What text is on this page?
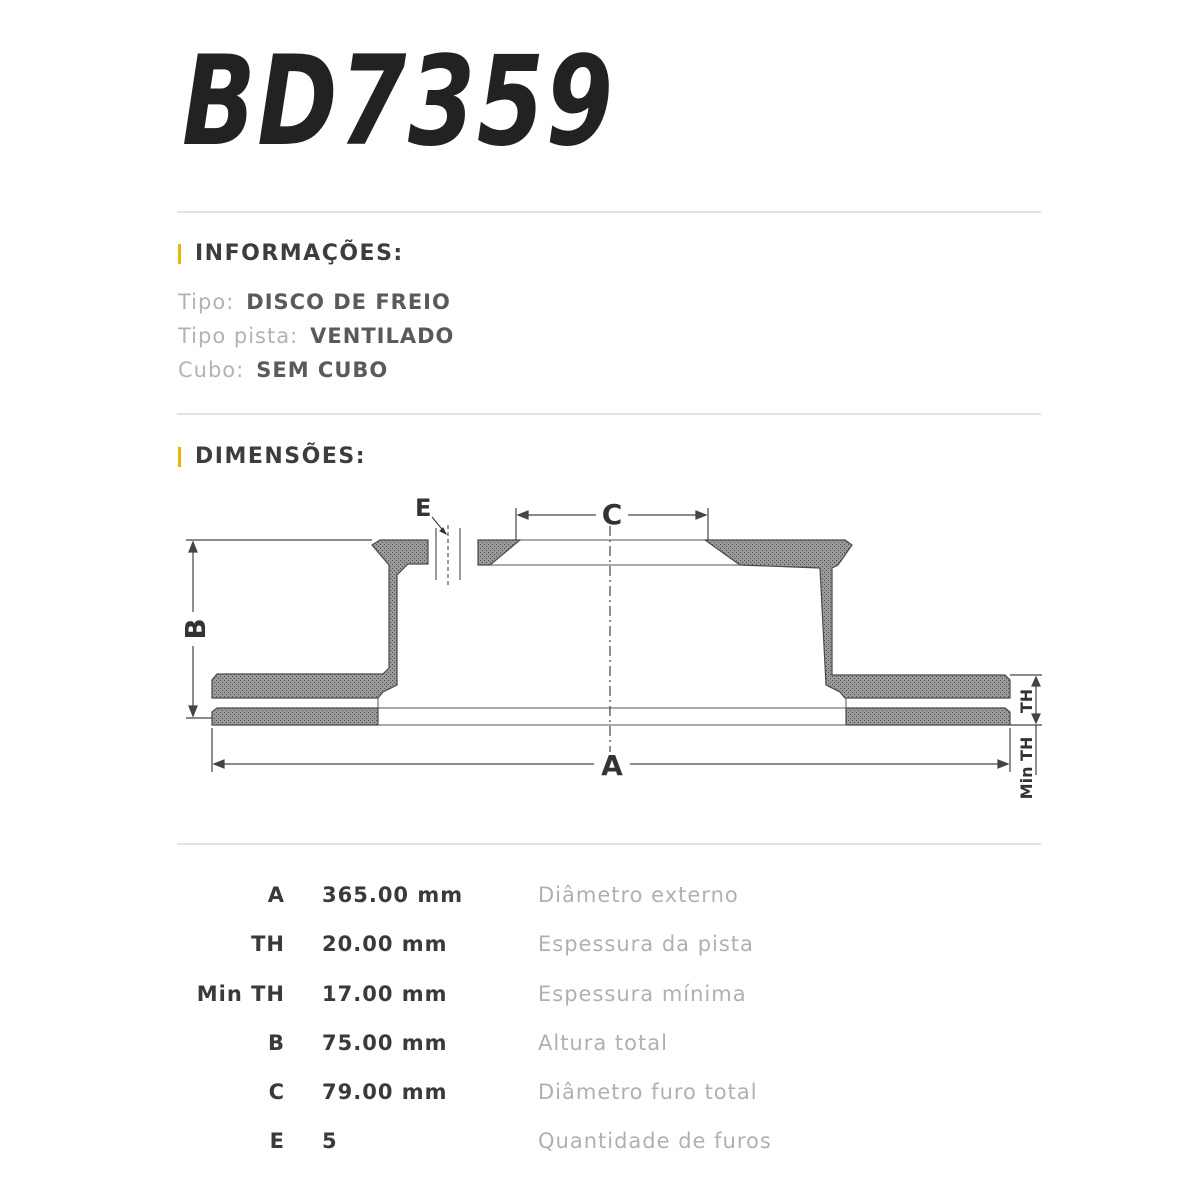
BD7359
INFORMAÇÕES:
Tipo: DISCO DE FREIO
Tipo pista: VENTILADO
Cubo: SEM CUBO
DIMENSÕES:
E	C
A
B
TH
Min TH
A 365.00 mm	Diâmetro externo
TH 20.00 mm	Espessura da pista
Min TH 17.00 mm	Espessura mínima
B 75.00 mm	Altura total
C 79.00 mm	Diâmetro furo total
E 5	Quantidade de furos
